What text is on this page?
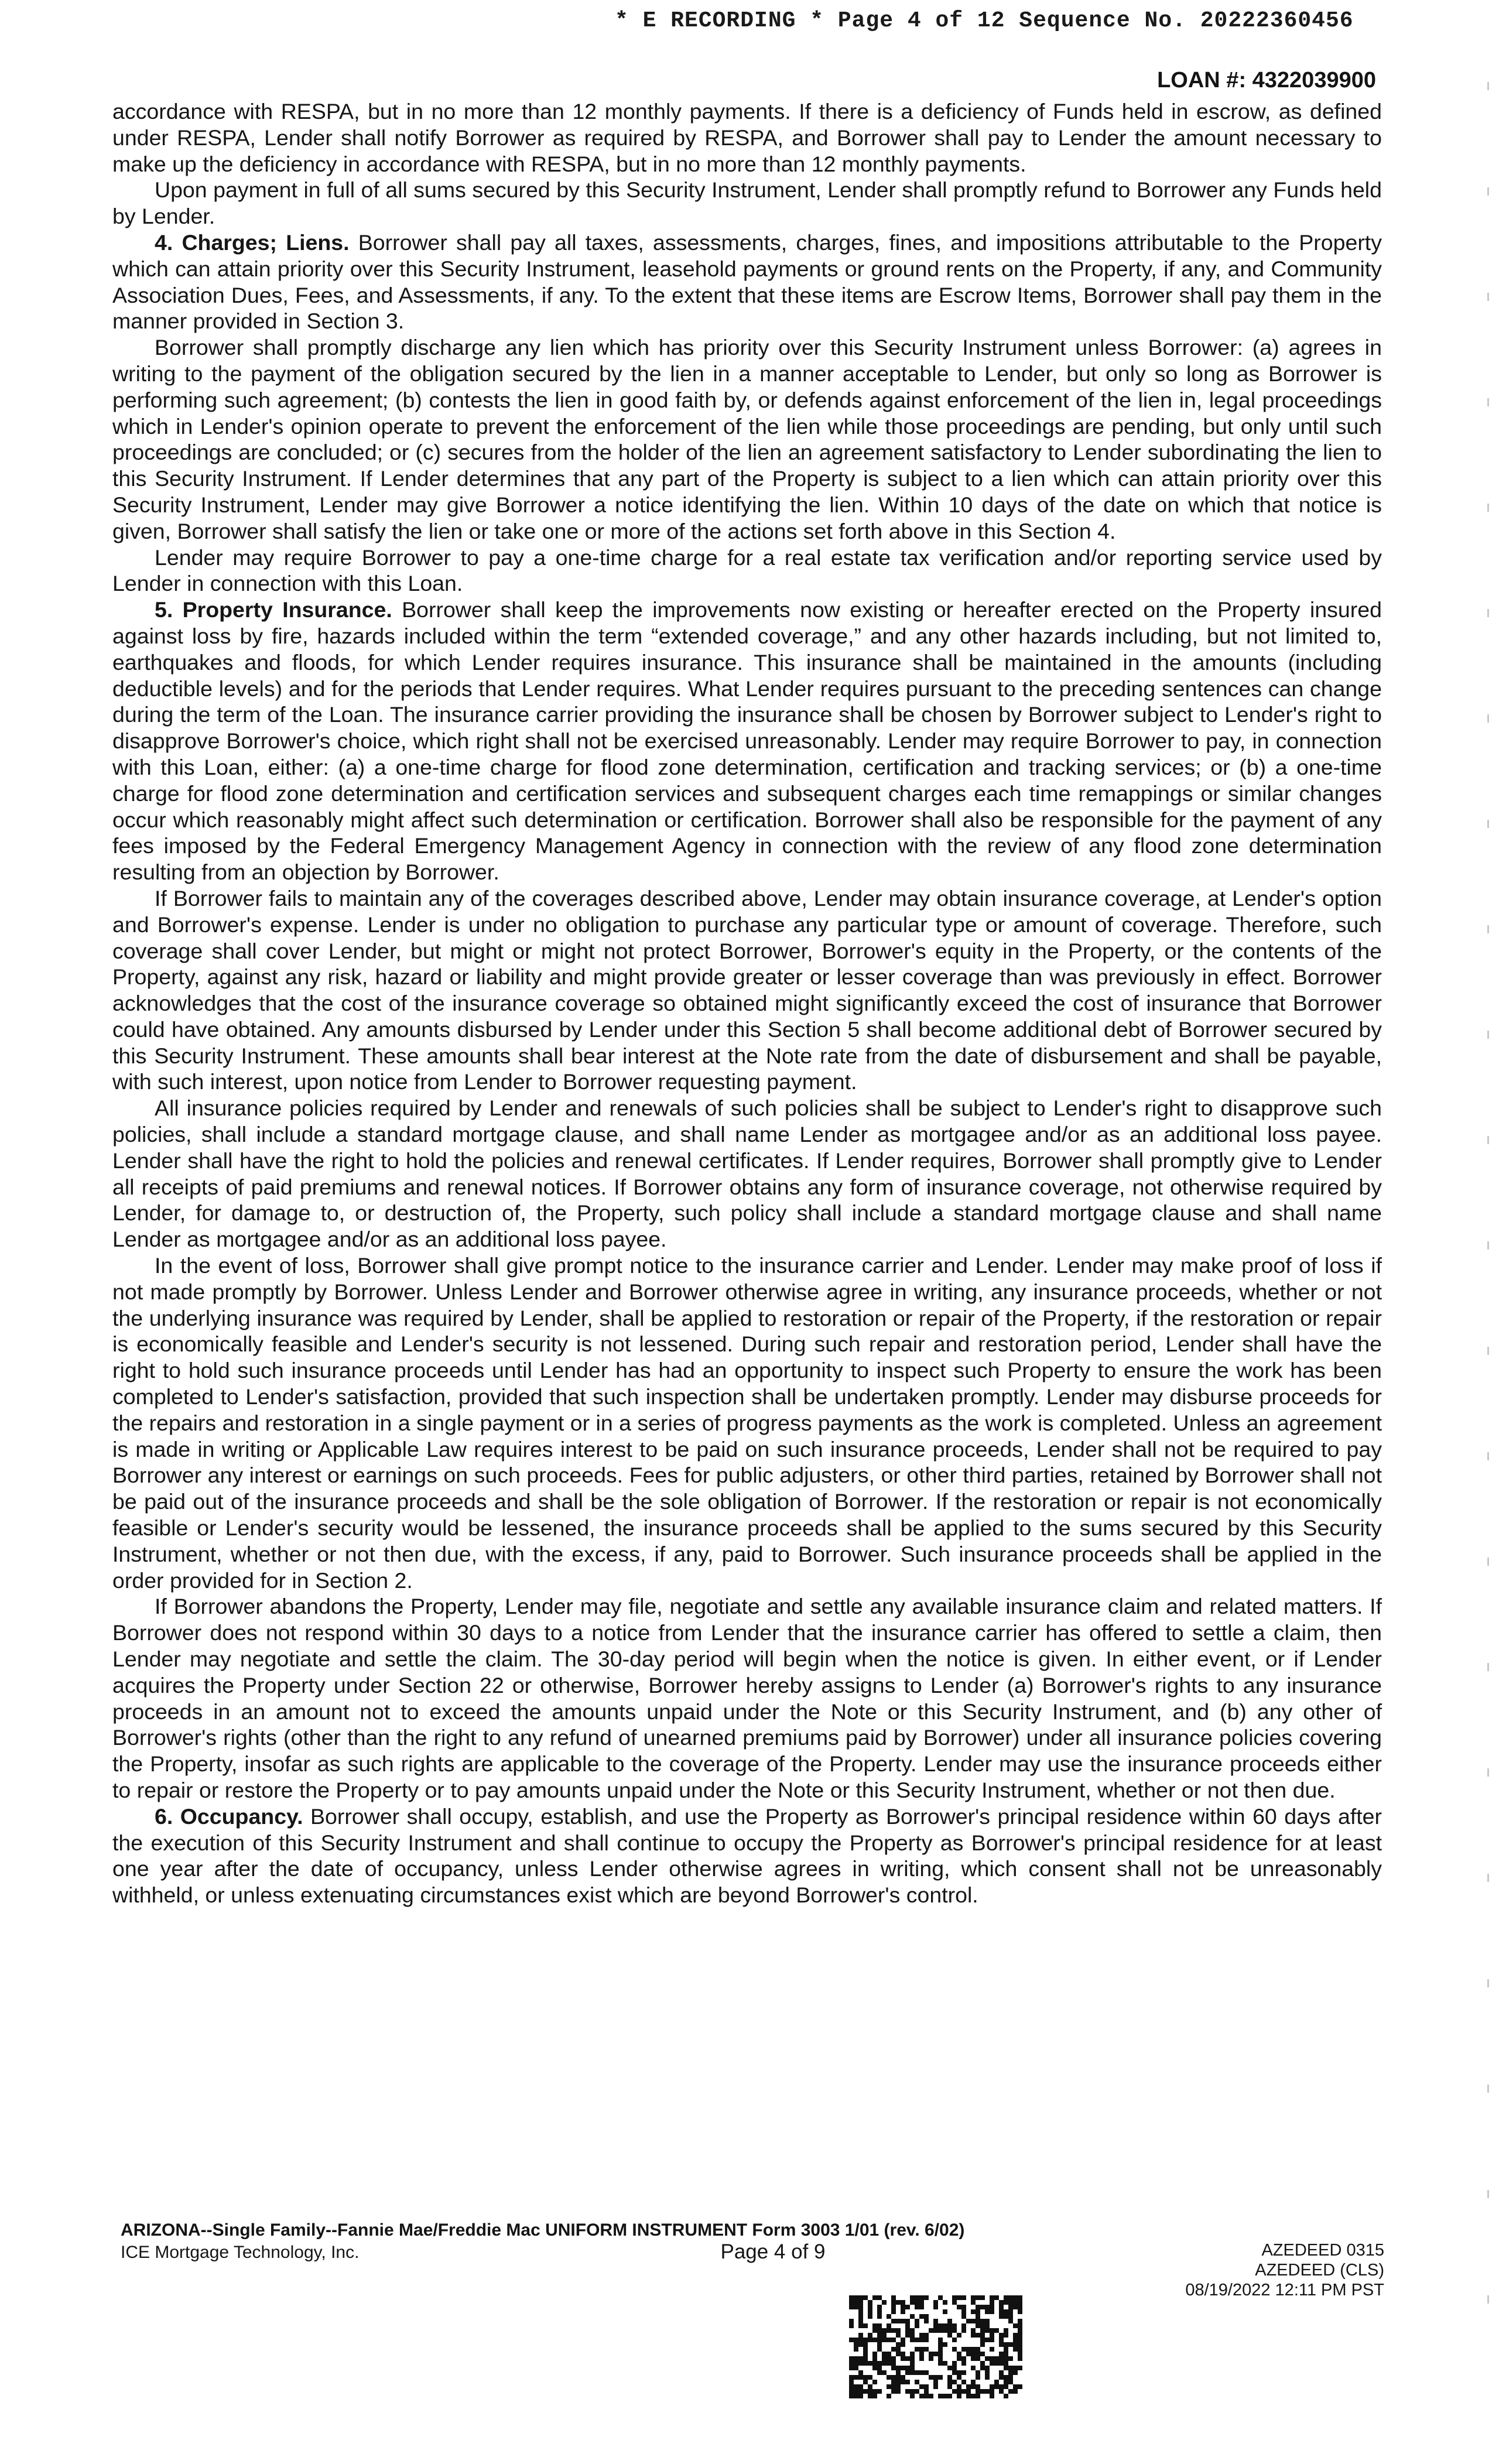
* E RECORDING * Page 4 of 12 Sequence No. 20222360456
LOAN #: 4322039900

accordance with RESPA, but in no more than 12 monthly payments. If there is a deficiency of Funds held in escrow, as defined under RESPA, Lender shall notify Borrower as required by RESPA, and Borrower shall pay to Lender the amount necessary to make up the deficiency in accordance with RESPA, but in no more than 12 monthly payments.

Upon payment in full of all sums secured by this Security Instrument, Lender shall promptly refund to Borrower any Funds held by Lender.

4. Charges; Liens. Borrower shall pay all taxes, assessments, charges, fines, and impositions attributable to the Property which can attain priority over this Security Instrument, leasehold payments or ground rents on the Property, if any, and Community Association Dues, Fees, and Assessments, if any. To the extent that these items are Escrow Items, Borrower shall pay them in the manner provided in Section 3.

Borrower shall promptly discharge any lien which has priority over this Security Instrument unless Borrower: (a) agrees in writing to the payment of the obligation secured by the lien in a manner acceptable to Lender, but only so long as Borrower is performing such agreement; (b) contests the lien in good faith by, or defends against enforcement of the lien in, legal proceedings which in Lender's opinion operate to prevent the enforcement of the lien while those proceedings are pending, but only until such proceedings are concluded; or (c) secures from the holder of the lien an agreement satisfactory to Lender subordinating the lien to this Security Instrument. If Lender determines that any part of the Property is subject to a lien which can attain priority over this Security Instrument, Lender may give Borrower a notice identifying the lien. Within 10 days of the date on which that notice is given, Borrower shall satisfy the lien or take one or more of the actions set forth above in this Section 4.

Lender may require Borrower to pay a one-time charge for a real estate tax verification and/or reporting service used by Lender in connection with this Loan.

5. Property Insurance. Borrower shall keep the improvements now existing or hereafter erected on the Property insured against loss by fire, hazards included within the term “extended coverage,” and any other hazards including, but not limited to, earthquakes and floods, for which Lender requires insurance. This insurance shall be maintained in the amounts (including deductible levels) and for the periods that Lender requires. What Lender requires pursuant to the preceding sentences can change during the term of the Loan. The insurance carrier providing the insurance shall be chosen by Borrower subject to Lender's right to disapprove Borrower's choice, which right shall not be exercised unreasonably. Lender may require Borrower to pay, in connection with this Loan, either: (a) a one-time charge for flood zone determination, certification and tracking services; or (b) a one-time charge for flood zone determination and certification services and subsequent charges each time remappings or similar changes occur which reasonably might affect such determination or certification. Borrower shall also be responsible for the payment of any fees imposed by the Federal Emergency Management Agency in connection with the review of any flood zone determination resulting from an objection by Borrower.

If Borrower fails to maintain any of the coverages described above, Lender may obtain insurance coverage, at Lender's option and Borrower's expense. Lender is under no obligation to purchase any particular type or amount of coverage. Therefore, such coverage shall cover Lender, but might or might not protect Borrower, Borrower's equity in the Property, or the contents of the Property, against any risk, hazard or liability and might provide greater or lesser coverage than was previously in effect. Borrower acknowledges that the cost of the insurance coverage so obtained might significantly exceed the cost of insurance that Borrower could have obtained. Any amounts disbursed by Lender under this Section 5 shall become additional debt of Borrower secured by this Security Instrument. These amounts shall bear interest at the Note rate from the date of disbursement and shall be payable, with such interest, upon notice from Lender to Borrower requesting payment.

All insurance policies required by Lender and renewals of such policies shall be subject to Lender's right to disapprove such policies, shall include a standard mortgage clause, and shall name Lender as mortgagee and/or as an additional loss payee. Lender shall have the right to hold the policies and renewal certificates. If Lender requires, Borrower shall promptly give to Lender all receipts of paid premiums and renewal notices. If Borrower obtains any form of insurance coverage, not otherwise required by Lender, for damage to, or destruction of, the Property, such policy shall include a standard mortgage clause and shall name Lender as mortgagee and/or as an additional loss payee.

In the event of loss, Borrower shall give prompt notice to the insurance carrier and Lender. Lender may make proof of loss if not made promptly by Borrower. Unless Lender and Borrower otherwise agree in writing, any insurance proceeds, whether or not the underlying insurance was required by Lender, shall be applied to restoration or repair of the Property, if the restoration or repair is economically feasible and Lender's security is not lessened. During such repair and restoration period, Lender shall have the right to hold such insurance proceeds until Lender has had an opportunity to inspect such Property to ensure the work has been completed to Lender's satisfaction, provided that such inspection shall be undertaken promptly. Lender may disburse proceeds for the repairs and restoration in a single payment or in a series of progress payments as the work is completed. Unless an agreement is made in writing or Applicable Law requires interest to be paid on such insurance proceeds, Lender shall not be required to pay Borrower any interest or earnings on such proceeds. Fees for public adjusters, or other third parties, retained by Borrower shall not be paid out of the insurance proceeds and shall be the sole obligation of Borrower. If the restoration or repair is not economically feasible or Lender's security would be lessened, the insurance proceeds shall be applied to the sums secured by this Security Instrument, whether or not then due, with the excess, if any, paid to Borrower. Such insurance proceeds shall be applied in the order provided for in Section 2.

If Borrower abandons the Property, Lender may file, negotiate and settle any available insurance claim and related matters. If Borrower does not respond within 30 days to a notice from Lender that the insurance carrier has offered to settle a claim, then Lender may negotiate and settle the claim. The 30-day period will begin when the notice is given. In either event, or if Lender acquires the Property under Section 22 or otherwise, Borrower hereby assigns to Lender (a) Borrower's rights to any insurance proceeds in an amount not to exceed the amounts unpaid under the Note or this Security Instrument, and (b) any other of Borrower's rights (other than the right to any refund of unearned premiums paid by Borrower) under all insurance policies covering the Property, insofar as such rights are applicable to the coverage of the Property. Lender may use the insurance proceeds either to repair or restore the Property or to pay amounts unpaid under the Note or this Security Instrument, whether or not then due.

6. Occupancy. Borrower shall occupy, establish, and use the Property as Borrower's principal residence within 60 days after the execution of this Security Instrument and shall continue to occupy the Property as Borrower's principal residence for at least one year after the date of occupancy, unless Lender otherwise agrees in writing, which consent shall not be unreasonably withheld, or unless extenuating circumstances exist which are beyond Borrower's control.

ARIZONA--Single Family--Fannie Mae/Freddie Mac UNIFORM INSTRUMENT Form 3003 1/01 (rev. 6/02)
ICE Mortgage Technology, Inc.	Page 4 of 9	AZEDEED 0315
AZEDEED (CLS)
08/19/2022 12:11 PM PST
